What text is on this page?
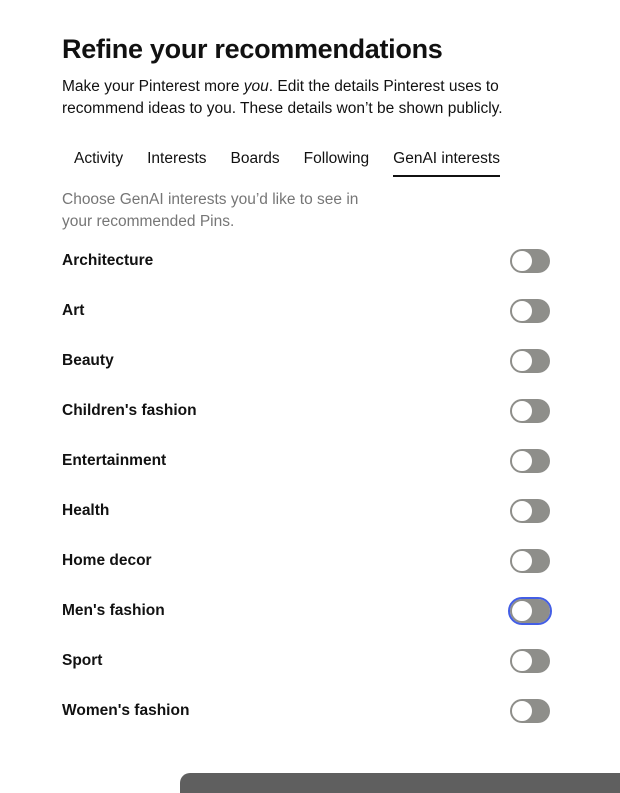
Refine your recommendations

Make your Pinterest more you. Edit the details Pinterest uses to recommend ideas to you. These details won’t be shown publicly.

Activity Interests Boards Following GenAI interests

Choose GenAI interests you’d like to see in your recommended Pins.

Architecture
Art
Beauty
Children's fashion
Entertainment
Health
Home decor
Men's fashion
Sport
Women's fashion
